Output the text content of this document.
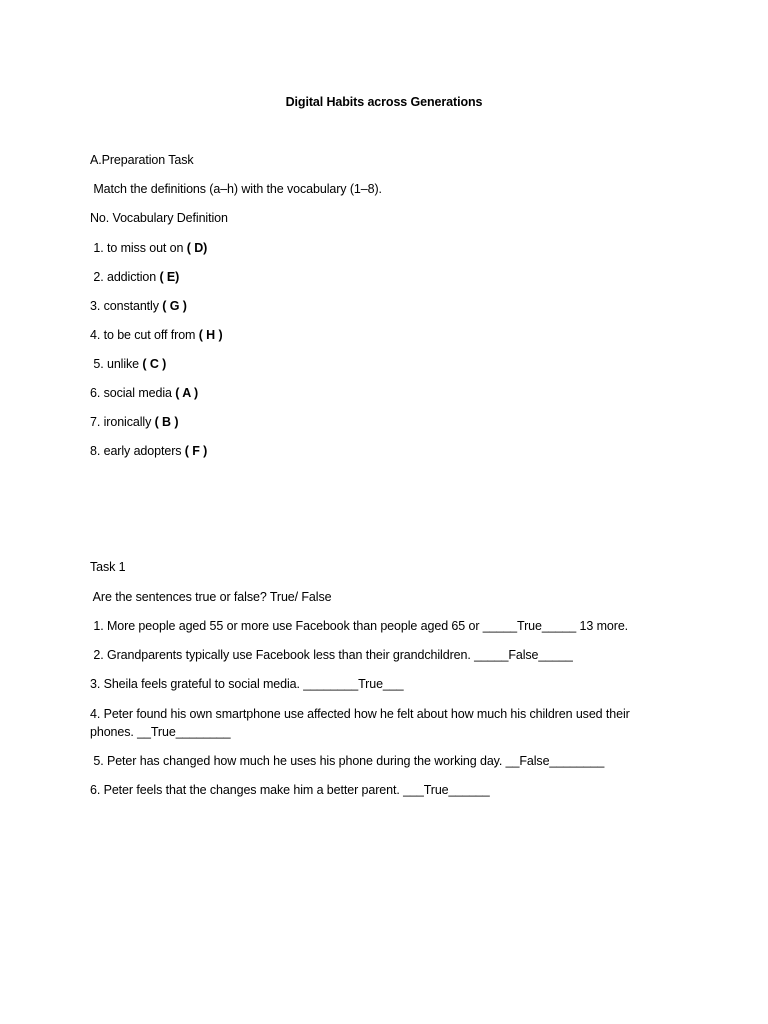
Digital Habits across Generations
A.Preparation Task
Match the definitions (a–h) with the vocabulary (1–8).
No. Vocabulary Definition
1. to miss out on ( D)
2. addiction ( E)
3. constantly ( G )
4. to be cut off from ( H )
5. unlike ( C )
6. social media ( A )
7. ironically ( B )
8. early adopters ( F )
Task 1
Are the sentences true or false? True/ False
1. More people aged 55 or more use Facebook than people aged 65 or _____True_____ 13 more.
2. Grandparents typically use Facebook less than their grandchildren. _____False_____
3. Sheila feels grateful to social media. ________True___
4. Peter found his own smartphone use affected how he felt about how much his children used their phones. __True________
5. Peter has changed how much he uses his phone during the working day. __False________
6. Peter feels that the changes make him a better parent. ___True______
